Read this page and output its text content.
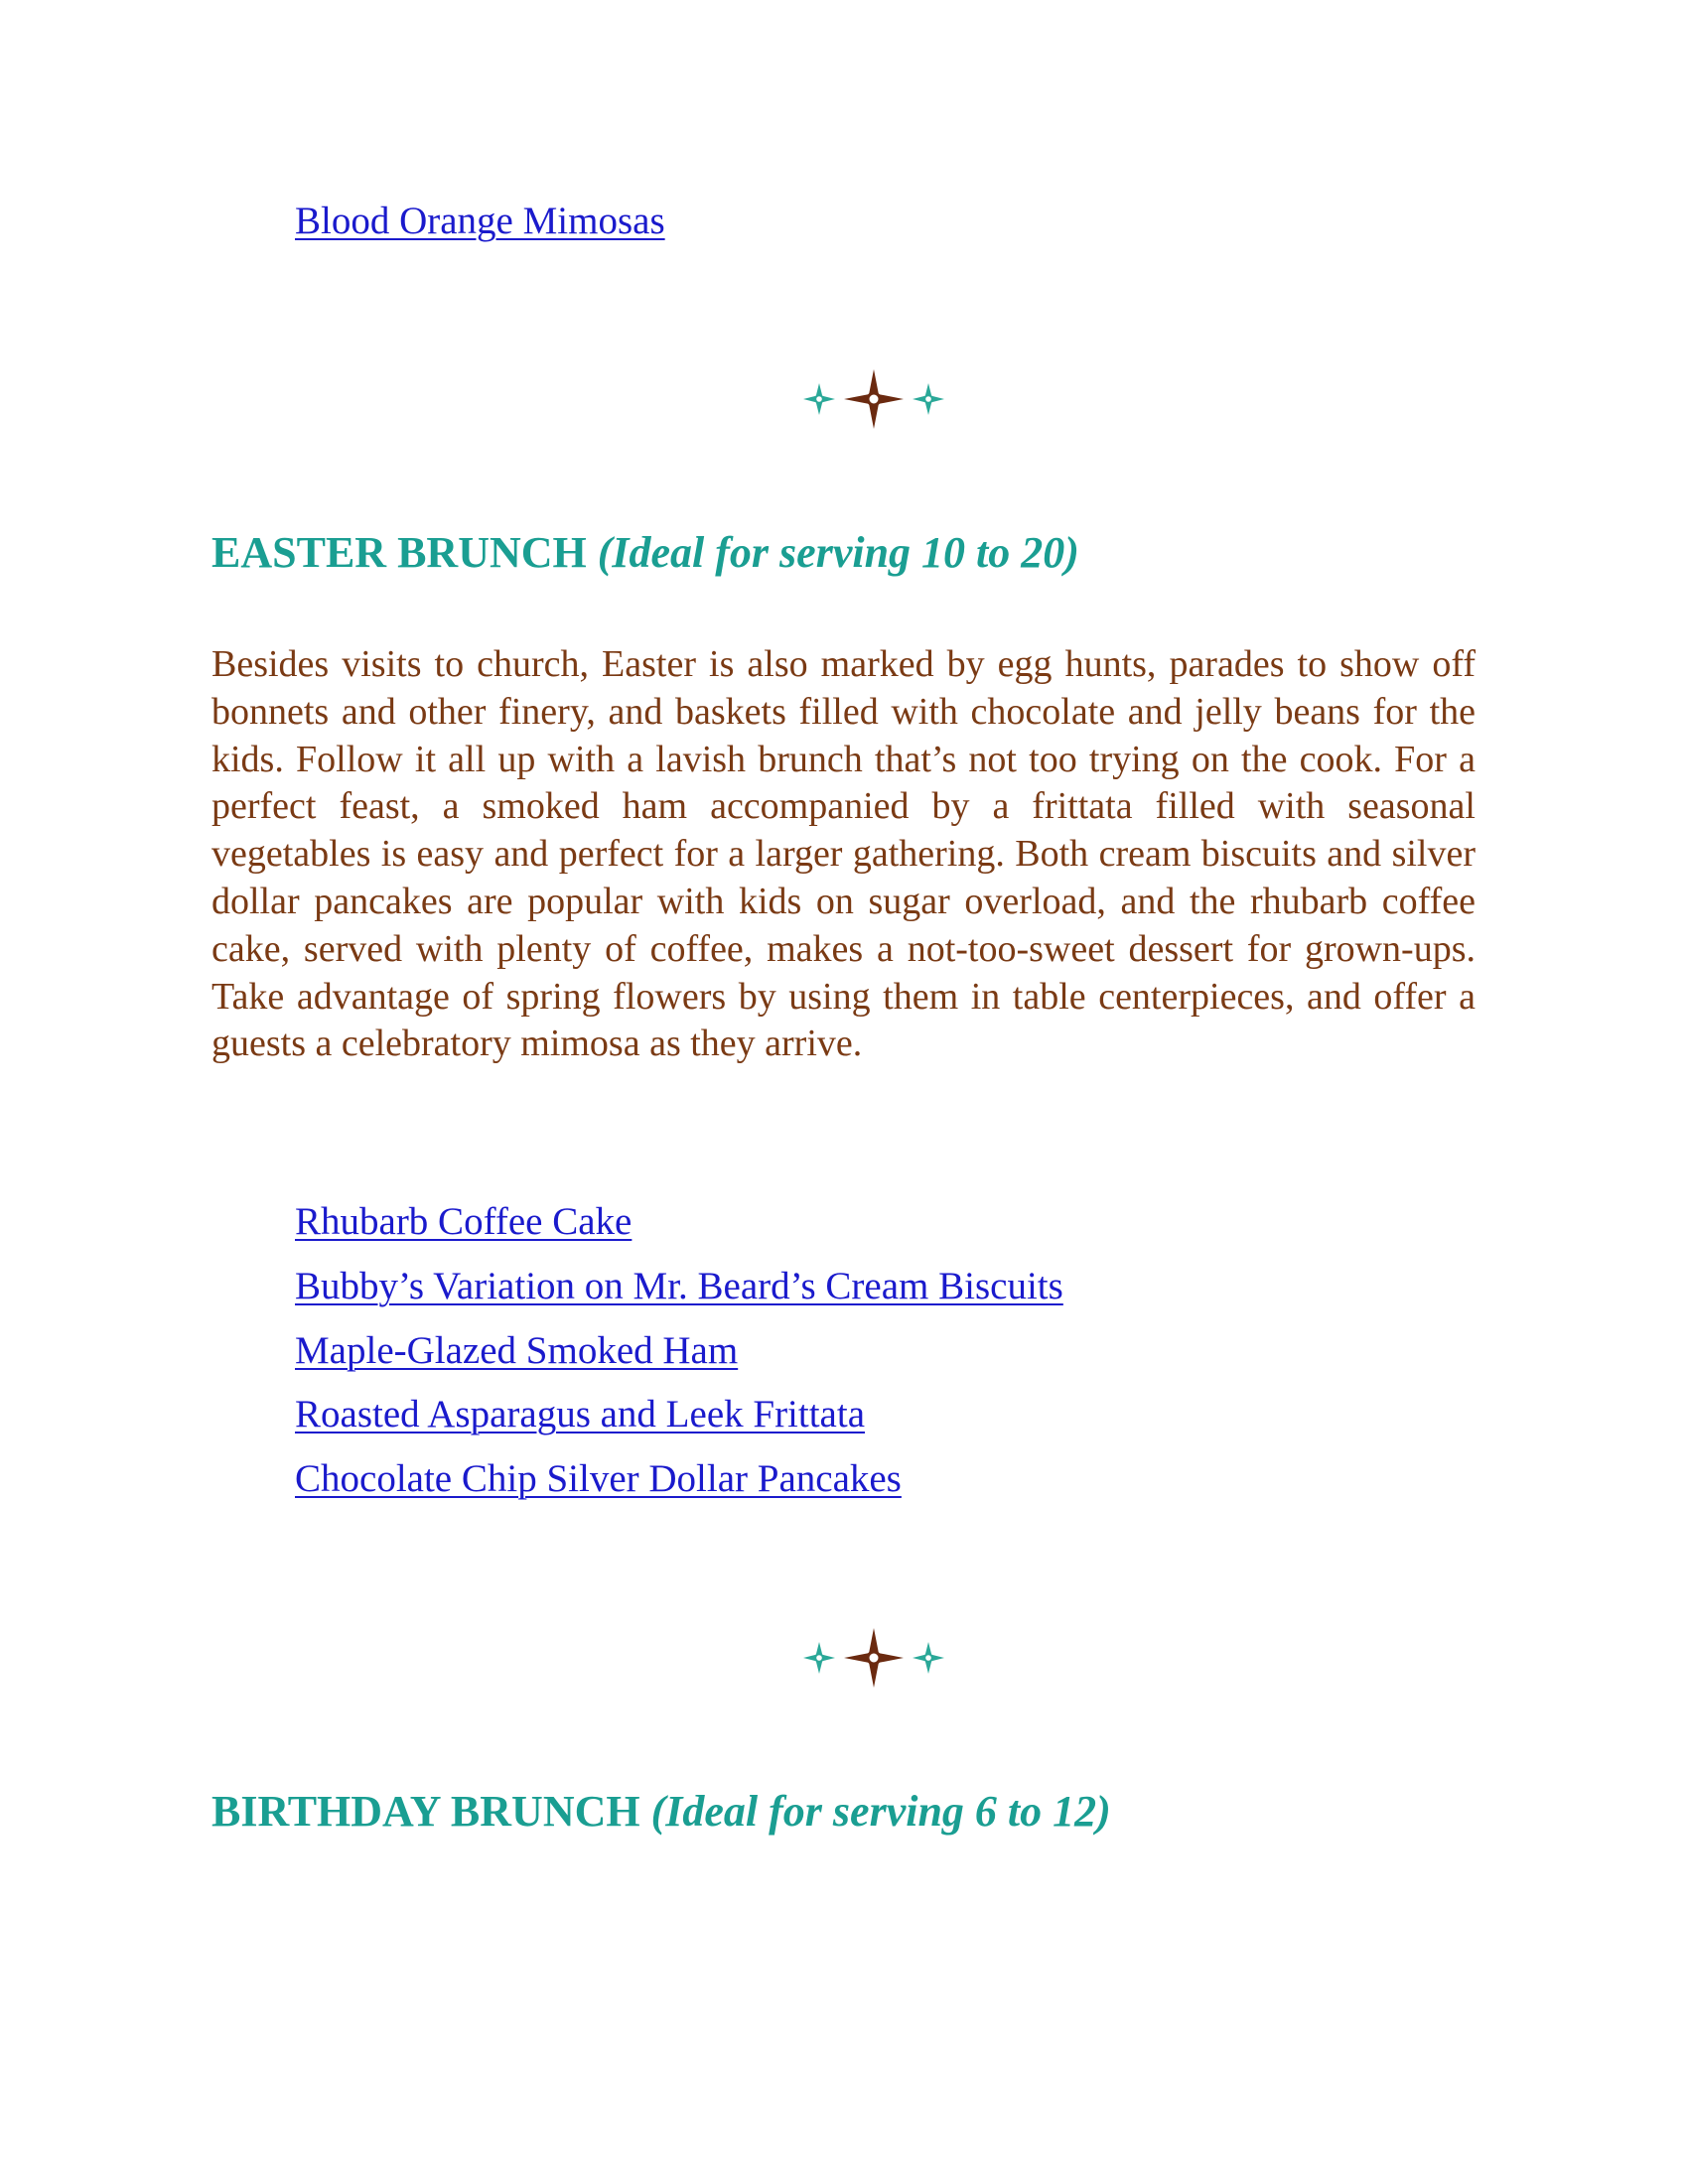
Blood Orange Mimosas
EASTER BRUNCH (Ideal for serving 10 to 20)

Besides visits to church, Easter is also marked by egg hunts, parades to show off bonnets and other finery, and baskets filled with chocolate and jelly beans for the kids. Follow it all up with a lavish brunch that’s not too trying on the cook. For a perfect feast, a smoked ham accompanied by a frittata filled with seasonal vegetables is easy and perfect for a larger gathering. Both cream biscuits and silver dollar pancakes are popular with kids on sugar overload, and the rhubarb coffee cake, served with plenty of coffee, makes a not-too-sweet dessert for grown-ups. Take advantage of spring flowers by using them in table centerpieces, and offer a guests a celebratory mimosa as they arrive.

Rhubarb Coffee Cake
Bubby’s Variation on Mr. Beard’s Cream Biscuits
Maple-Glazed Smoked Ham
Roasted Asparagus and Leek Frittata
Chocolate Chip Silver Dollar Pancakes
BIRTHDAY BRUNCH (Ideal for serving 6 to 12)
